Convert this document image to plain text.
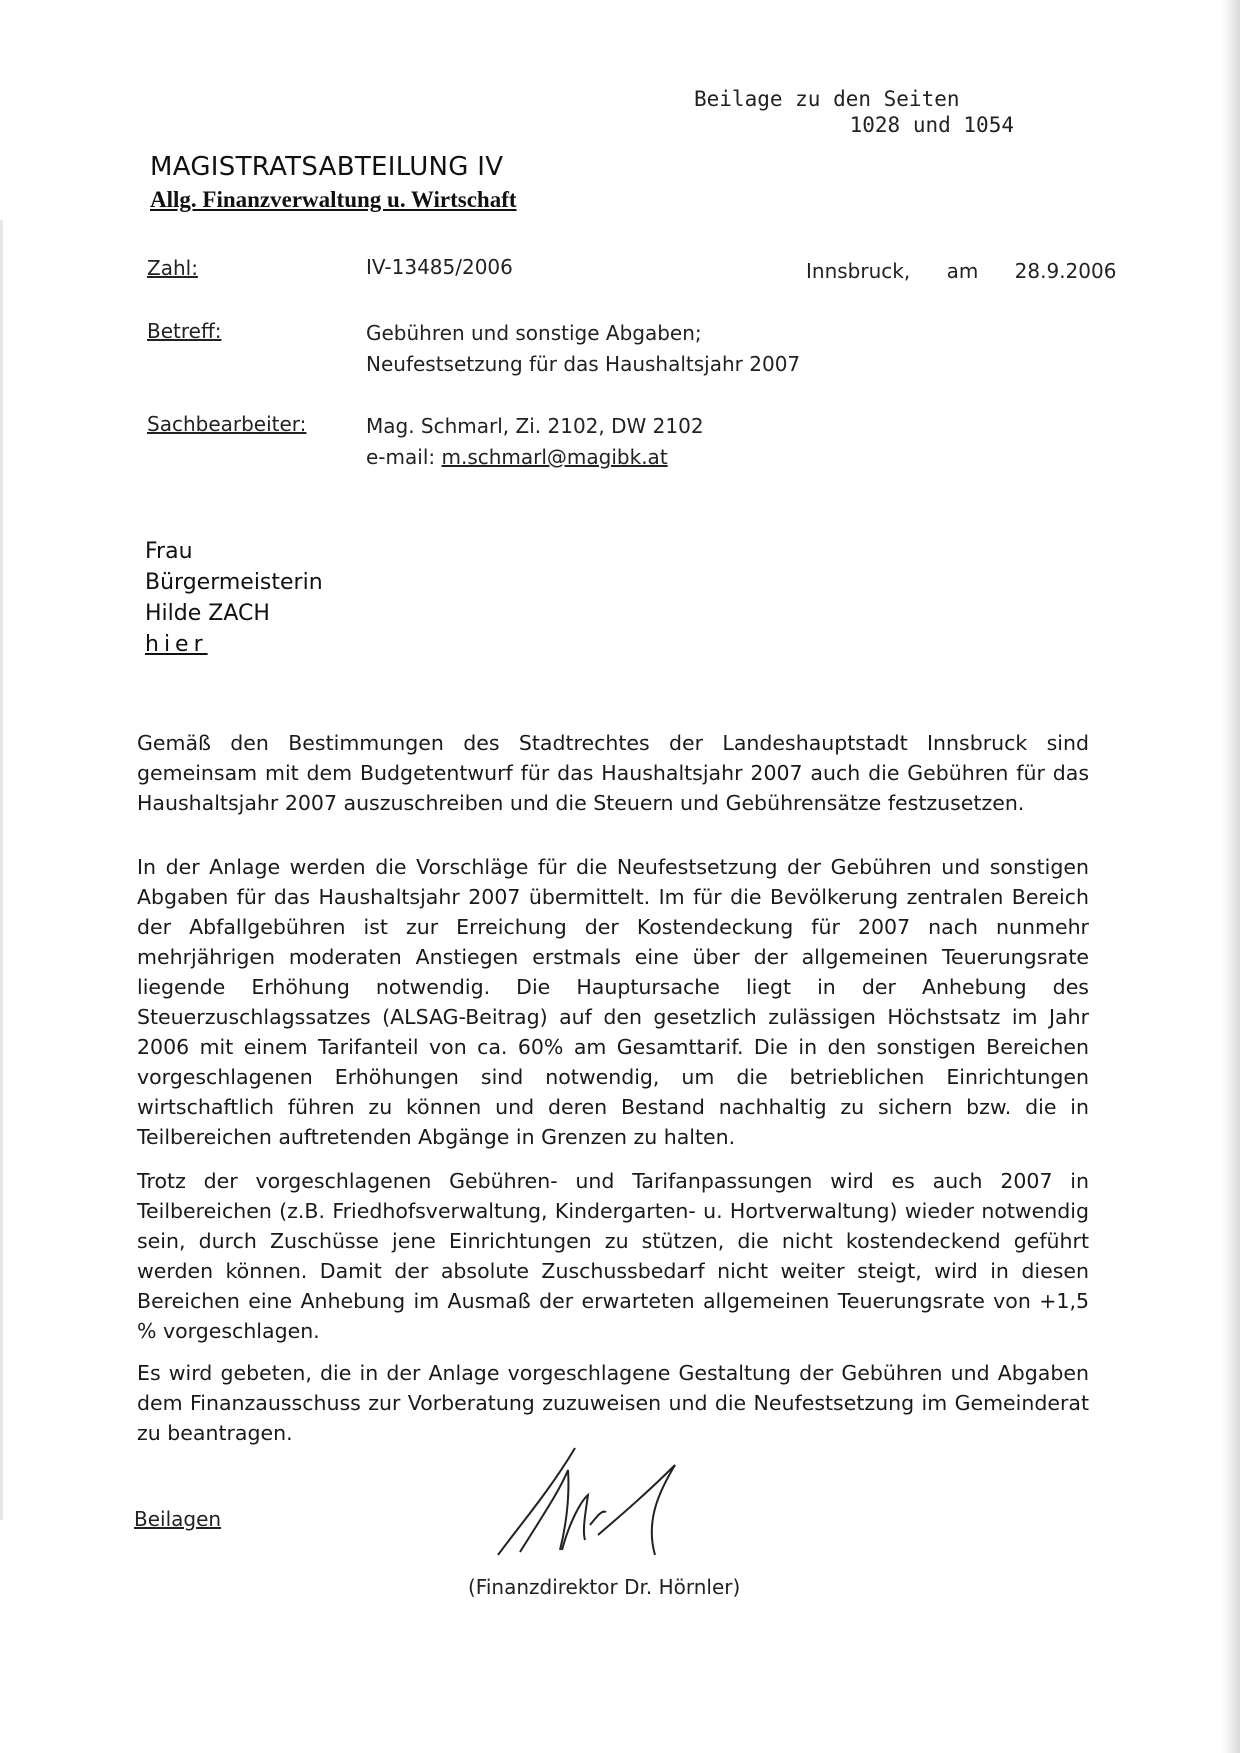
Beilage zu den Seiten
1028 und 1054
MAGISTRATSABTEILUNG IV
Allg. Finanzverwaltung u. Wirtschaft
Zahl:	IV-13485/2006	Innsbruck, am 28.9.2006
Betreff:	Gebühren und sonstige Abgaben;
Neufestsetzung für das Haushaltsjahr 2007
Sachbearbeiter:	Mag. Schmarl, Zi. 2102, DW 2102
e-mail: m.schmarl@magibk.at
Frau
Bürgermeisterin
Hilde ZACH
hier
Gemäß den Bestimmungen des Stadtrechtes der Landeshauptstadt Innsbruck sind gemeinsam mit dem Budgetentwurf für das Haushaltsjahr 2007 auch die Gebühren für das Haushaltsjahr 2007 auszuschreiben und die Steuern und Gebührensätze festzusetzen.
In der Anlage werden die Vorschläge für die Neufestsetzung der Gebühren und sonstigen Abgaben für das Haushaltsjahr 2007 übermittelt. Im für die Bevölkerung zentralen Bereich der Abfallgebühren ist zur Erreichung der Kostendeckung für 2007 nach nunmehr mehrjährigen moderaten Anstiegen erstmals eine über der allgemeinen Teuerungsrate liegende Erhöhung notwendig. Die Hauptursache liegt in der Anhebung des Steuerzuschlagssatzes (ALSAG-Beitrag) auf den gesetzlich zulässigen Höchstsatz im Jahr 2006 mit einem Tarifanteil von ca. 60% am Gesamttarif. Die in den sonstigen Bereichen vorgeschlagenen Erhöhungen sind notwendig, um die betrieblichen Einrichtungen wirtschaftlich führen zu können und deren Bestand nachhaltig zu sichern bzw. die in Teilbereichen auftretenden Abgänge in Grenzen zu halten.
Trotz der vorgeschlagenen Gebühren- und Tarifanpassungen wird es auch 2007 in Teilbereichen (z.B. Friedhofsverwaltung, Kindergarten- u. Hortverwaltung) wieder notwendig sein, durch Zuschüsse jene Einrichtungen zu stützen, die nicht kostendeckend geführt werden können. Damit der absolute Zuschussbedarf nicht weiter steigt, wird in diesen Bereichen eine Anhebung im Ausmaß der erwarteten allgemeinen Teuerungsrate von +1,5 % vorgeschlagen.
Es wird gebeten, die in der Anlage vorgeschlagene Gestaltung der Gebühren und Abgaben dem Finanzausschuss zur Vorberatung zuzuweisen und die Neufestsetzung im Gemeinderat zu beantragen.
Beilagen
(Finanzdirektor Dr. Hörnler)
